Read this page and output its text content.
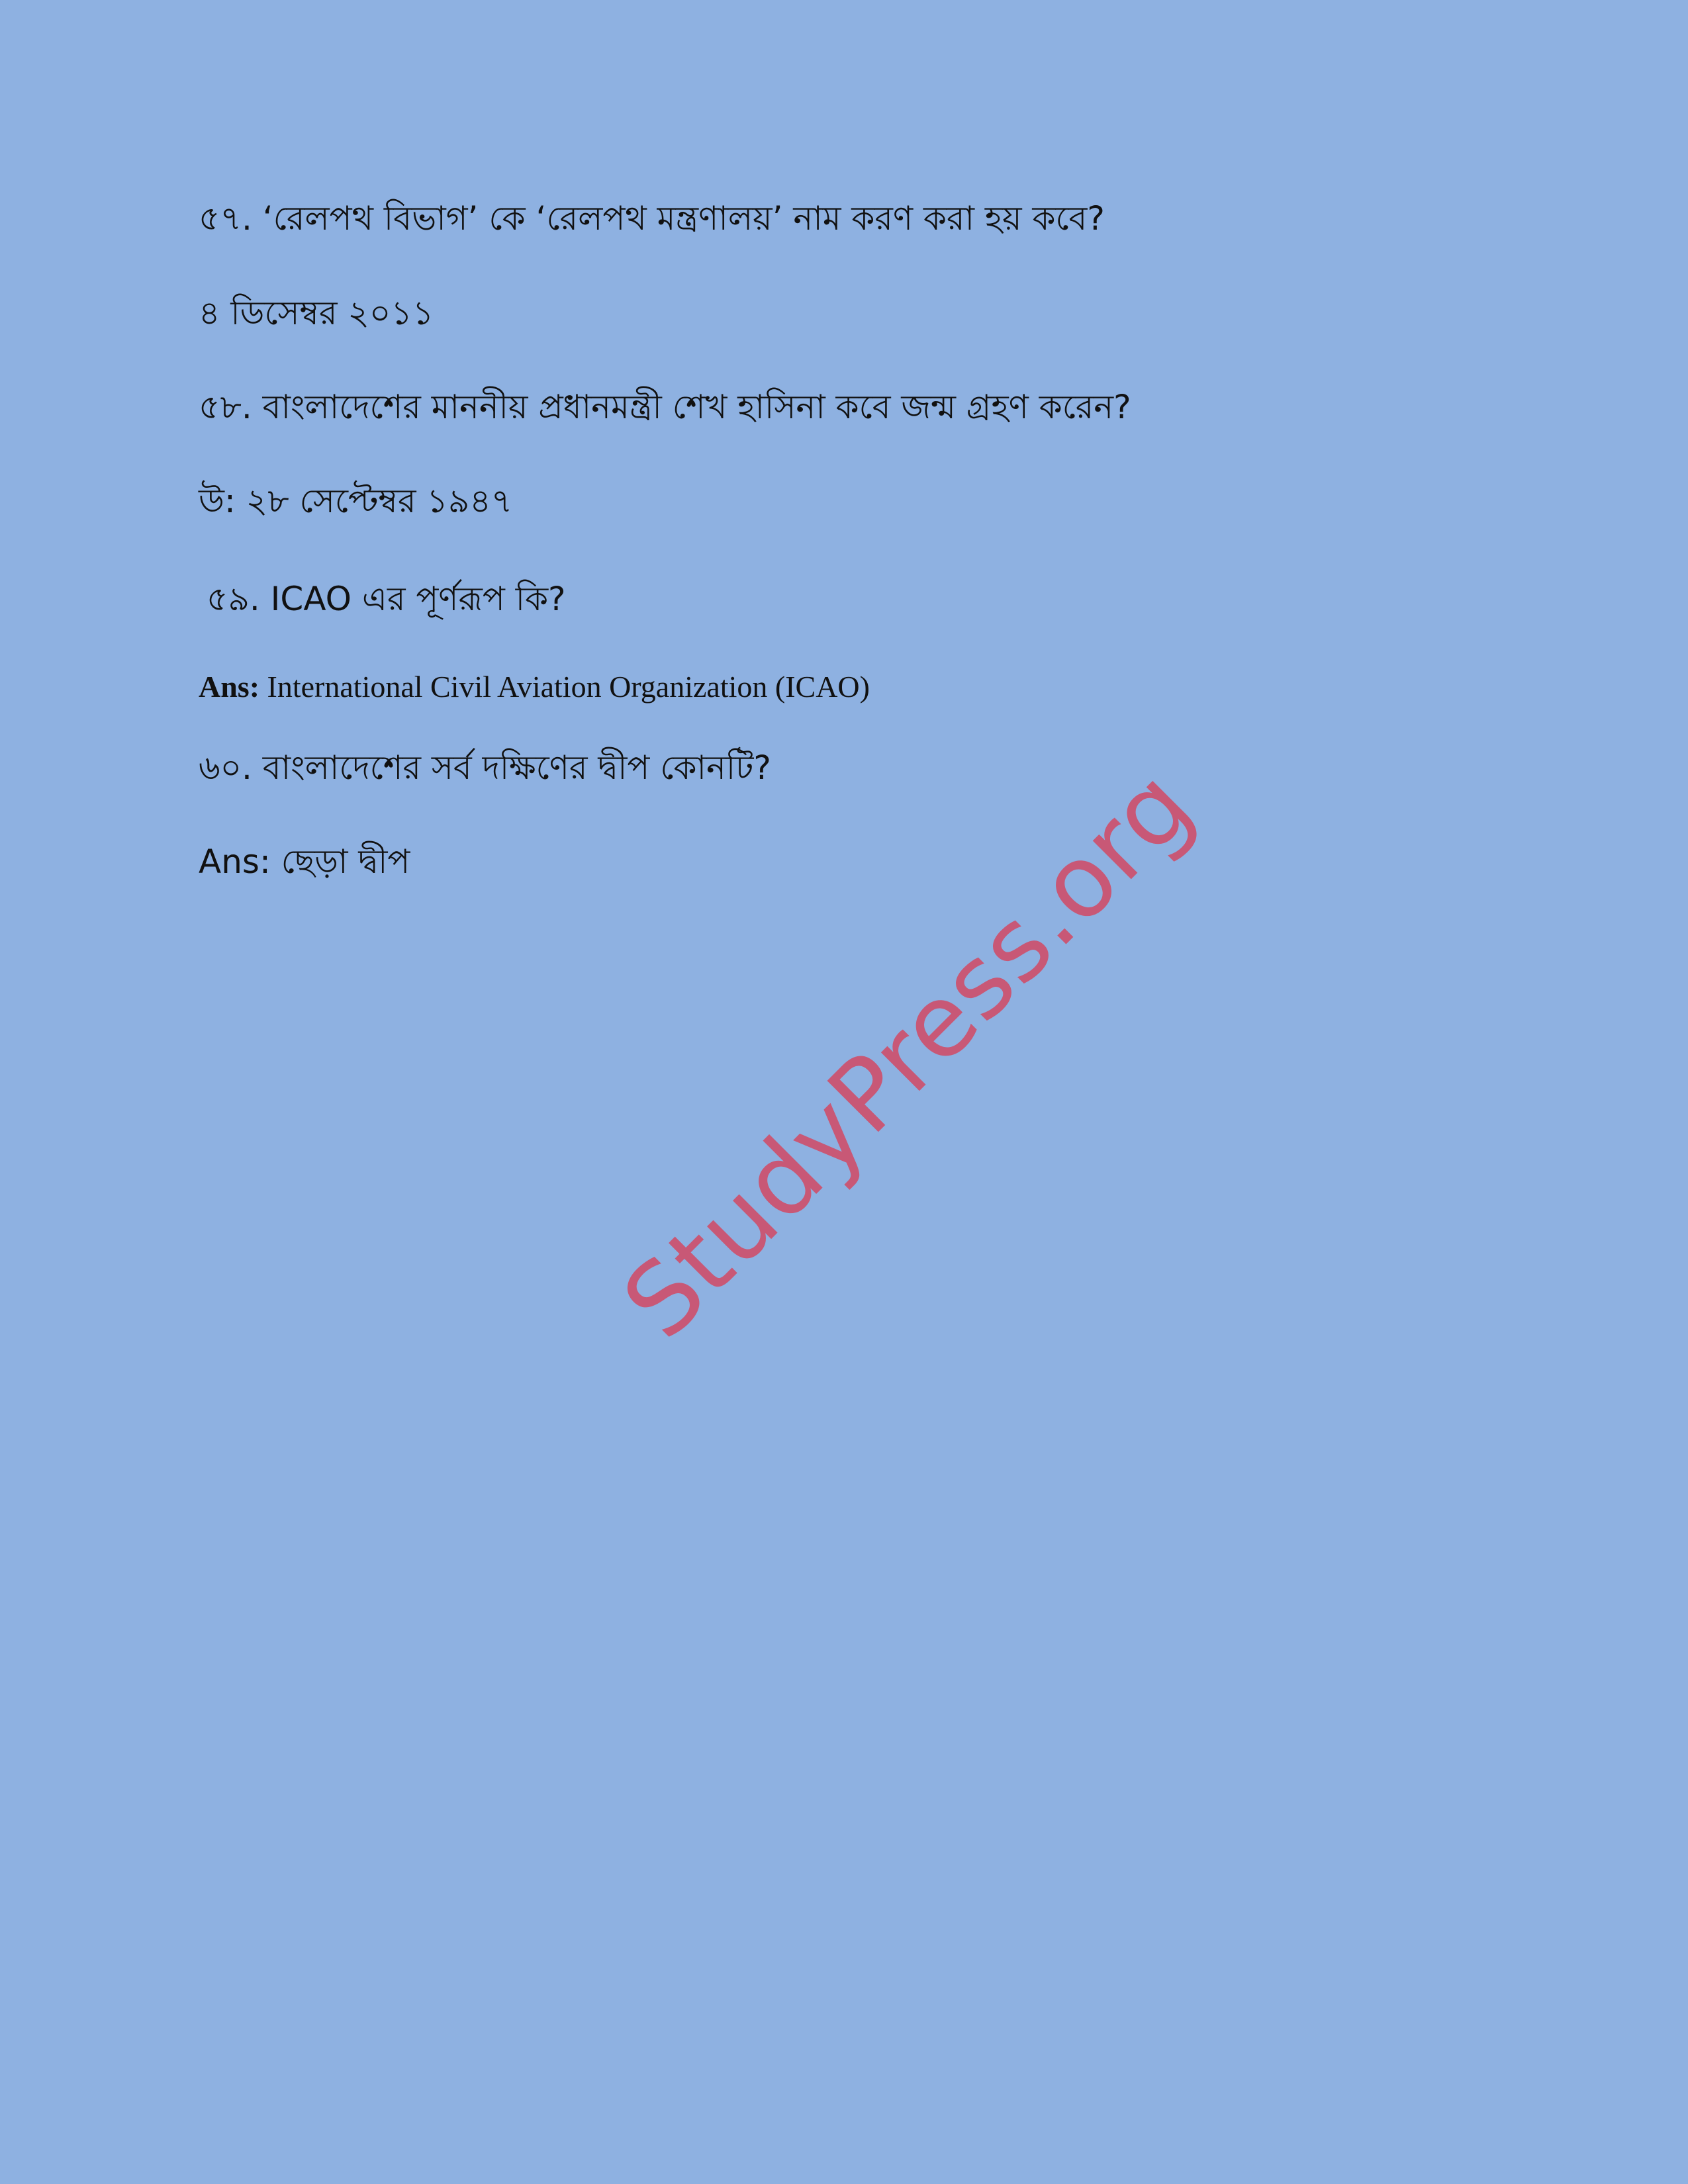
৫৭. ‘রেলপথ বিভাগ’ কে ‘রেলপথ মন্ত্রণালয়’ নাম করণ করা হয় কবে?
৪ ডিসেম্বর ২০১১
৫৮. বাংলাদেশের মাননীয় প্রধানমন্ত্রী শেখ হাসিনা কবে জন্ম গ্রহণ করেন?
উ: ২৮ সেপ্টেম্বর ১৯৪৭
৫৯. ICAO এর পূর্ণরূপ কি?
Ans: International Civil Aviation Organization (ICAO)
৬০. বাংলাদেশের সর্ব দক্ষিণের দ্বীপ কোনটি?
Ans: ছেড়া দ্বীপ StudyPress.org
